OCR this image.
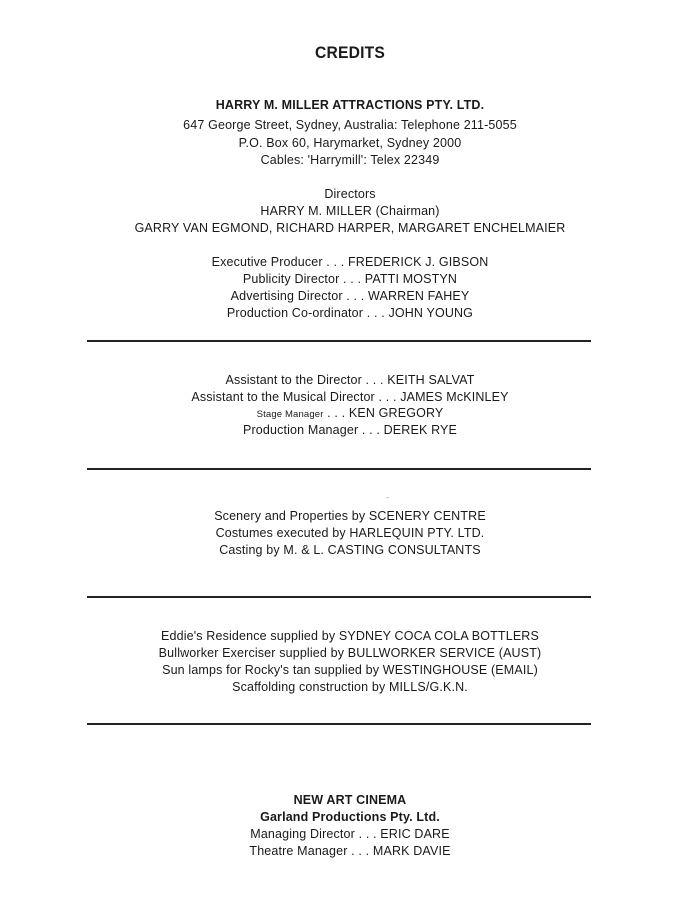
CREDITS
HARRY M. MILLER ATTRACTIONS PTY. LTD.
647 George Street, Sydney, Australia: Telephone 211-5055
P.O. Box 60, Harymarket, Sydney 2000
Cables: 'Harrymill': Telex 22349
Directors
HARRY M. MILLER (Chairman)
GARRY VAN EGMOND, RICHARD HARPER, MARGARET ENCHELMAIER
Executive Producer . . . FREDERICK J. GIBSON
Publicity Director . . . PATTI MOSTYN
Advertising Director . . . WARREN FAHEY
Production Co-ordinator . . . JOHN YOUNG
Assistant to the Director . . . KEITH SALVAT
Assistant to the Musical Director . . . JAMES McKINLEY
Stage Manager . . . KEN GREGORY
Production Manager . . . DEREK RYE
Scenery and Properties by SCENERY CENTRE
Costumes executed by HARLEQUIN PTY. LTD.
Casting by M. & L. CASTING CONSULTANTS
Eddie's Residence supplied by SYDNEY COCA COLA BOTTLERS
Bullworker Exerciser supplied by BULLWORKER SERVICE (AUST)
Sun lamps for Rocky's tan supplied by WESTINGHOUSE (EMAIL)
Scaffolding construction by MILLS/G.K.N.
NEW ART CINEMA
Garland Productions Pty. Ltd.
Managing Director . . . ERIC DARE
Theatre Manager . . . MARK DAVIE
